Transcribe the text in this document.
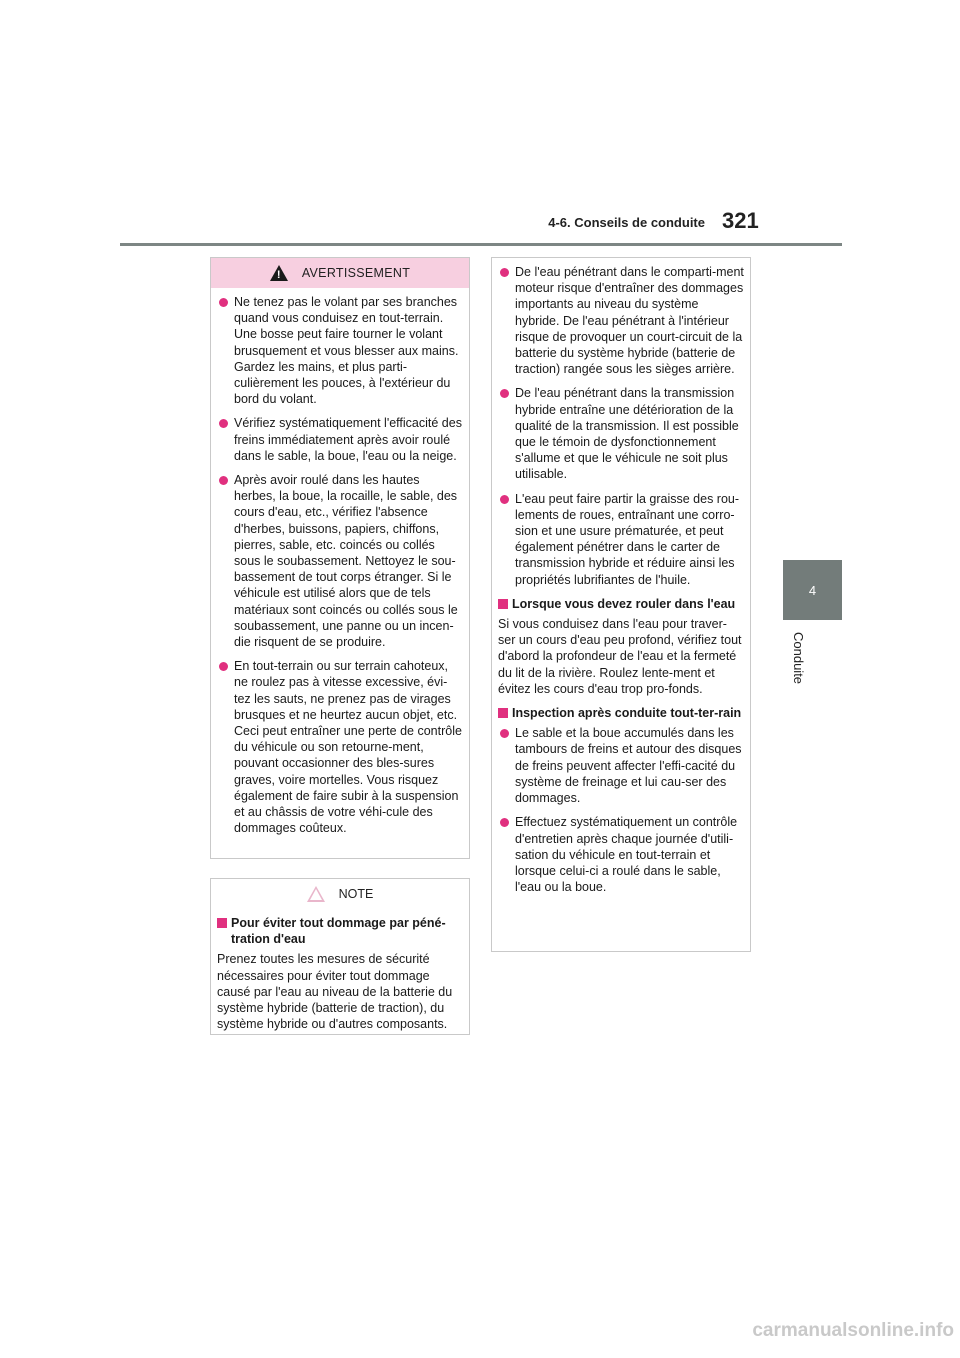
4-6. Conseils de conduite 321
4
Conduite
!
AVERTISSEMENT
Ne tenez pas le volant par ses branches quand vous conduisez en tout-terrain. Une bosse peut faire tourner le volant brusquement et vous blesser aux mains. Gardez les mains, et plus parti-culièrement les pouces, à l'extérieur du bord du volant.
Vérifiez systématiquement l'efficacité des freins immédiatement après avoir roulé dans le sable, la boue, l'eau ou la neige.
Après avoir roulé dans les hautes herbes, la boue, la rocaille, le sable, des cours d'eau, etc., vérifiez l'absence d'herbes, buissons, papiers, chiffons, pierres, sable, etc. coincés ou collés sous le soubassement. Nettoyez le sou-bassement de tout corps étranger. Si le véhicule est utilisé alors que de tels matériaux sont coincés ou collés sous le soubassement, une panne ou un incen-die risquent de se produire.
En tout-terrain ou sur terrain cahoteux, ne roulez pas à vitesse excessive, évi-tez les sauts, ne prenez pas de virages brusques et ne heurtez aucun objet, etc. Ceci peut entraîner une perte de contrôle du véhicule ou son retourne-ment, pouvant occasionner des bles-sures graves, voire mortelles. Vous risquez également de faire subir à la suspension et au châssis de votre véhi-cule des dommages coûteux.
NOTE
Pour éviter tout dommage par péné-tration d'eau
Prenez toutes les mesures de sécurité nécessaires pour éviter tout dommage causé par l'eau au niveau de la batterie du système hybride (batterie de traction), du système hybride ou d'autres composants.
De l'eau pénétrant dans le comparti-ment moteur risque d'entraîner des dommages importants au niveau du système hybride. De l'eau pénétrant à l'intérieur risque de provoquer un court-circuit de la batterie du système hybride (batterie de traction) rangée sous les sièges arrière.
De l'eau pénétrant dans la transmission hybride entraîne une détérioration de la qualité de la transmission. Il est possible que le témoin de dysfonctionnement s'allume et que le véhicule ne soit plus utilisable.
L'eau peut faire partir la graisse des rou-lements de roues, entraînant une corro-sion et une usure prématurée, et peut également pénétrer dans le carter de transmission hybride et réduire ainsi les propriétés lubrifiantes de l'huile.
Lorsque vous devez rouler dans l'eau
Si vous conduisez dans l'eau pour traver-ser un cours d'eau peu profond, vérifiez tout d'abord la profondeur de l'eau et la fermeté du lit de la rivière. Roulez lente-ment et évitez les cours d'eau trop pro-fonds.
Inspection après conduite tout-ter-rain
Le sable et la boue accumulés dans les tambours de freins et autour des disques de freins peuvent affecter l'effi-cacité du système de freinage et lui cau-ser des dommages.
Effectuez systématiquement un contrôle d'entretien après chaque journée d'utili-sation du véhicule en tout-terrain et lorsque celui-ci a roulé dans le sable, l'eau ou la boue.
carmanualsonline.info
